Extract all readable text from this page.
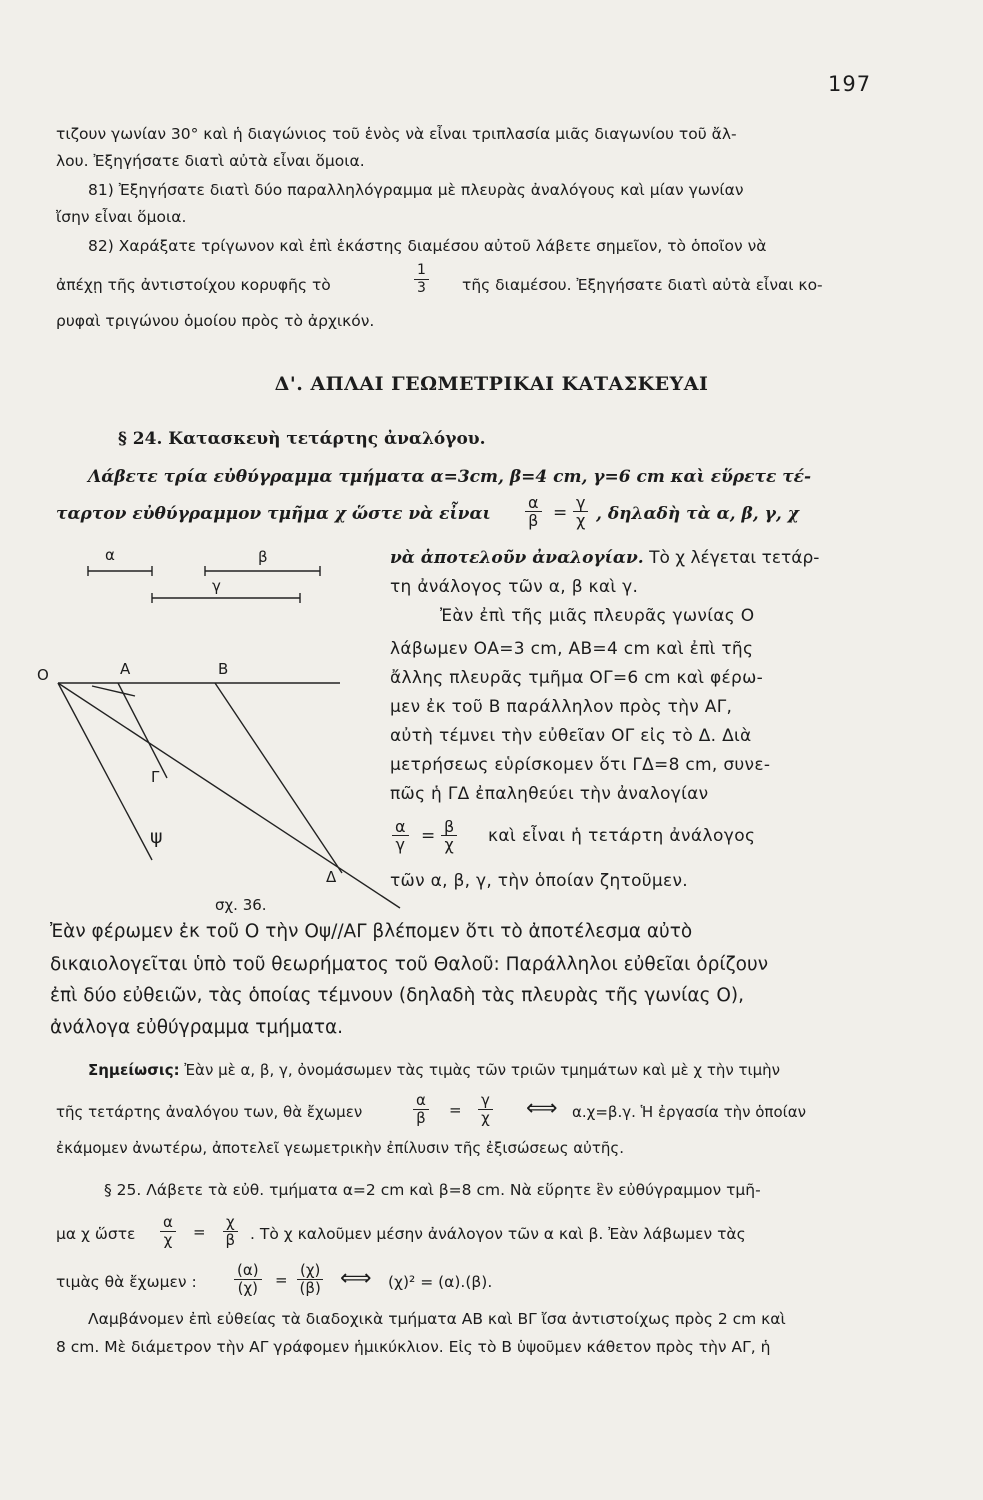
197
τιζουν γωνίαν 30° καὶ ἡ διαγώνιος τοῦ ἑνὸς νὰ εἶναι τριπλασία μιᾶς διαγωνίου τοῦ ἄλ-
λου. Ἐξηγήσατε διατὶ αὐτὰ εἶναι ὅμοια.
81) Ἐξηγήσατε διατὶ δύο παραλληλόγραμμα μὲ πλευρὰς ἀναλόγους καὶ μίαν γωνίαν
ἴσην εἶναι ὅμοια.
82) Χαράξατε τρίγωνον καὶ ἐπὶ ἑκάστης διαμέσου αὐτοῦ λάβετε σημεῖον, τὸ ὁποῖον νὰ
ἀπέχῃ τῆς ἀντιστοίχου κορυφῆς τὸ	$\frac{1}{3}$ τῆς διαμέσου. Ἐξηγήσατε διατὶ αὐτὰ εἶναι κο-
ρυφαὶ τριγώνου ὁμοίου πρὸς τὸ ἀρχικόν.
Δ'. ΑΠΛΑΙ ΓΕΩΜΕΤΡΙΚΑΙ ΚΑΤΑΣΚΕΥΑΙ
§ 24. Κατασκευὴ τετάρτης ἀναλόγου.
Λάβετε τρία εὐθύγραμμα τμήματα α=3cm, β=4 cm, γ=6 cm καὶ εὕρετε τέ-
ταρτον εὐθύγραμμον τμῆμα χ ὥστε νὰ εἶναι $\frac{\alpha}{\beta} = \frac{\gamma}{\chi}$ , δηλαδὴ τὰ α, β, γ, χ
νὰ ἀποτελοῦν ἀναλογίαν. Τὸ χ λέγεται τετάρ-
τη ἀνάλογος τῶν α, β καὶ γ.
Ἐὰν ἐπὶ τῆς μιᾶς πλευρᾶς γωνίας Ο
λάβωμεν ΟΑ=3 cm, ΑΒ=4 cm καὶ ἐπὶ τῆς
ἄλλης πλευρᾶς τμῆμα ΟΓ=6 cm καὶ φέρω-
μεν ἐκ τοῦ Β παράλληλον πρὸς τὴν ΑΓ,
αὐτὴ τέμνει τὴν εὐθεῖαν ΟΓ εἰς τὸ Δ. Διὰ
μετρήσεως εὑρίσκομεν ὅτι ΓΔ=8 cm, συνε-
πῶς ἡ ΓΔ ἐπαληθεύει τὴν ἀναλογίαν
$\frac{\alpha}{\gamma} = \frac{\beta}{\chi}$ καὶ εἶναι ἡ τετάρτη ἀνάλογος
τῶν α, β, γ, τὴν ὁποίαν ζητοῦμεν.
α	β
γ
Ο	Α	Β
Γ
ψ
Δ
σχ. 36.
Ἐὰν φέρωμεν ἐκ τοῦ Ο τὴν Οψ//ΑΓ βλέπομεν ὅτι τὸ ἀποτέλεσμα αὐτὸ
δικαιολογεῖται ὑπὸ τοῦ θεωρήματος τοῦ Θαλοῦ: Παράλληλοι εὐθεῖαι ὁρίζουν
ἐπὶ δύο εὐθειῶν, τὰς ὁποίας τέμνουν (δηλαδὴ τὰς πλευρὰς τῆς γωνίας Ο),
ἀνάλογα εὐθύγραμμα τμήματα.
Σημείωσις: Ἐὰν μὲ α, β, γ, ὀνομάσωμεν τὰς τιμὰς τῶν τριῶν τμημάτων καὶ μὲ χ τὴν τιμὴν
τῆς τετάρτης ἀναλόγου των, θὰ ἔχωμεν	$\frac{\alpha}{\beta} = \frac{\gamma}{\chi}$ ⟺ α.χ=β.γ. Ἡ ἐργασία τὴν ὁποίαν
ἐκάμομεν ἀνωτέρω, ἀποτελεῖ γεωμετρικὴν ἐπίλυσιν τῆς ἐξισώσεως αὐτῆς.
§ 25. Λάβετε τὰ εὐθ. τμήματα α=2 cm καὶ β=8 cm. Νὰ εὕρητε ἓν εὐθύγραμμον τμῆ-
μα χ ὥστε $\frac{\alpha}{\chi} = \frac{\chi}{\beta}$ . Τὸ χ καλοῦμεν μέσην ἀνάλογον τῶν α καὶ β. Ἐὰν λάβωμεν τὰς
τιμὰς θὰ ἔχωμεν : $\frac{(\alpha)}{(\chi)} = \frac{(\chi)}{(\beta)}$ ⟺ (χ)² = (α).(β).
Λαμβάνομεν ἐπὶ εὐθείας τὰ διαδοχικὰ τμήματα ΑΒ καὶ ΒΓ ἴσα ἀντιστοίχως πρὸς 2 cm καὶ
8 cm. Μὲ διάμετρον τὴν ΑΓ γράφομεν ἡμικύκλιον. Εἰς τὸ Β ὑψοῦμεν κάθετον πρὸς τὴν ΑΓ, ἡ
